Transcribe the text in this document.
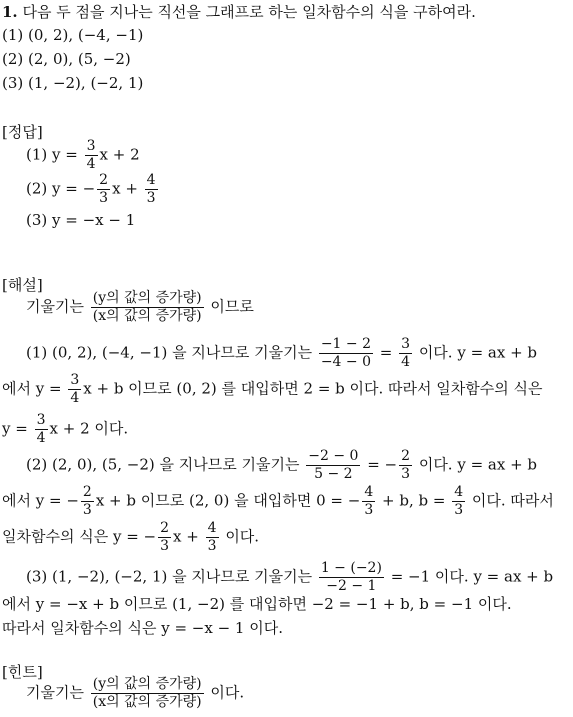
1. 다음 두 점을 지나는 직선을 그래프로 하는 일차함수의 식을 구하여라.
(1) (0, 2), (−4, −1)
(2) (2, 0), (5, −2)
(3) (1, −2), (−2, 1)
[정답]
(1) $y = \frac{3}{4}$ x + 2
(2) y = − $\frac{2}{3}$ $x + \frac{4}{3}$
(3) y = −x − 1
[해설]
기울기는 $\frac{\text{(y의 값의 증가량)}}{\text{(x의 값의 증가량)}}$ 이므로
(1) (0, 2), (−4, −1) 을 지나므로 기울기는 $\frac{-1 - 2}{-4 - 0} = \frac{3}{4}$ 이다. y = ax + b
에서 $y = \frac{3}{4}$ x + b 이므로 (0, 2) 를 대입하면 2 = b 이다. 따라서 일차함수의 식은
$y = \frac{3}{4}$ x + 2 이다.
(2) (2, 0), (5, −2) 을 지나므로 기울기는 $\frac{-2 - 0}{5 - 2}$ = − $\frac{2}{3}$ 이다. y = ax + b
에서 y = − $\frac{2}{3}$ x + b 이므로 (2, 0) 을 대입하면 0 = − $\frac{4}{3} + b$, $b = \frac{4}{3}$ 이다. 따라서
일차함수의 식은 y = − $\frac{2}{3}$ $x + \frac{4}{3}$ 이다.
(3) (1, −2), (−2, 1) 을 지나므로 기울기는 $\frac{1 - (-2)}{-2 - 1} = -1$ 이다. y = ax + b
에서 y = −x + b 이므로 (1, −2) 를 대입하면 −2 = −1 + b, b = −1 이다.
따라서 일차함수의 식은 y = −x − 1 이다.
[힌트]
기울기는 $\frac{\text{(y의 값의 증가량)}}{\text{(x의 값의 증가량)}}$ 이다.
